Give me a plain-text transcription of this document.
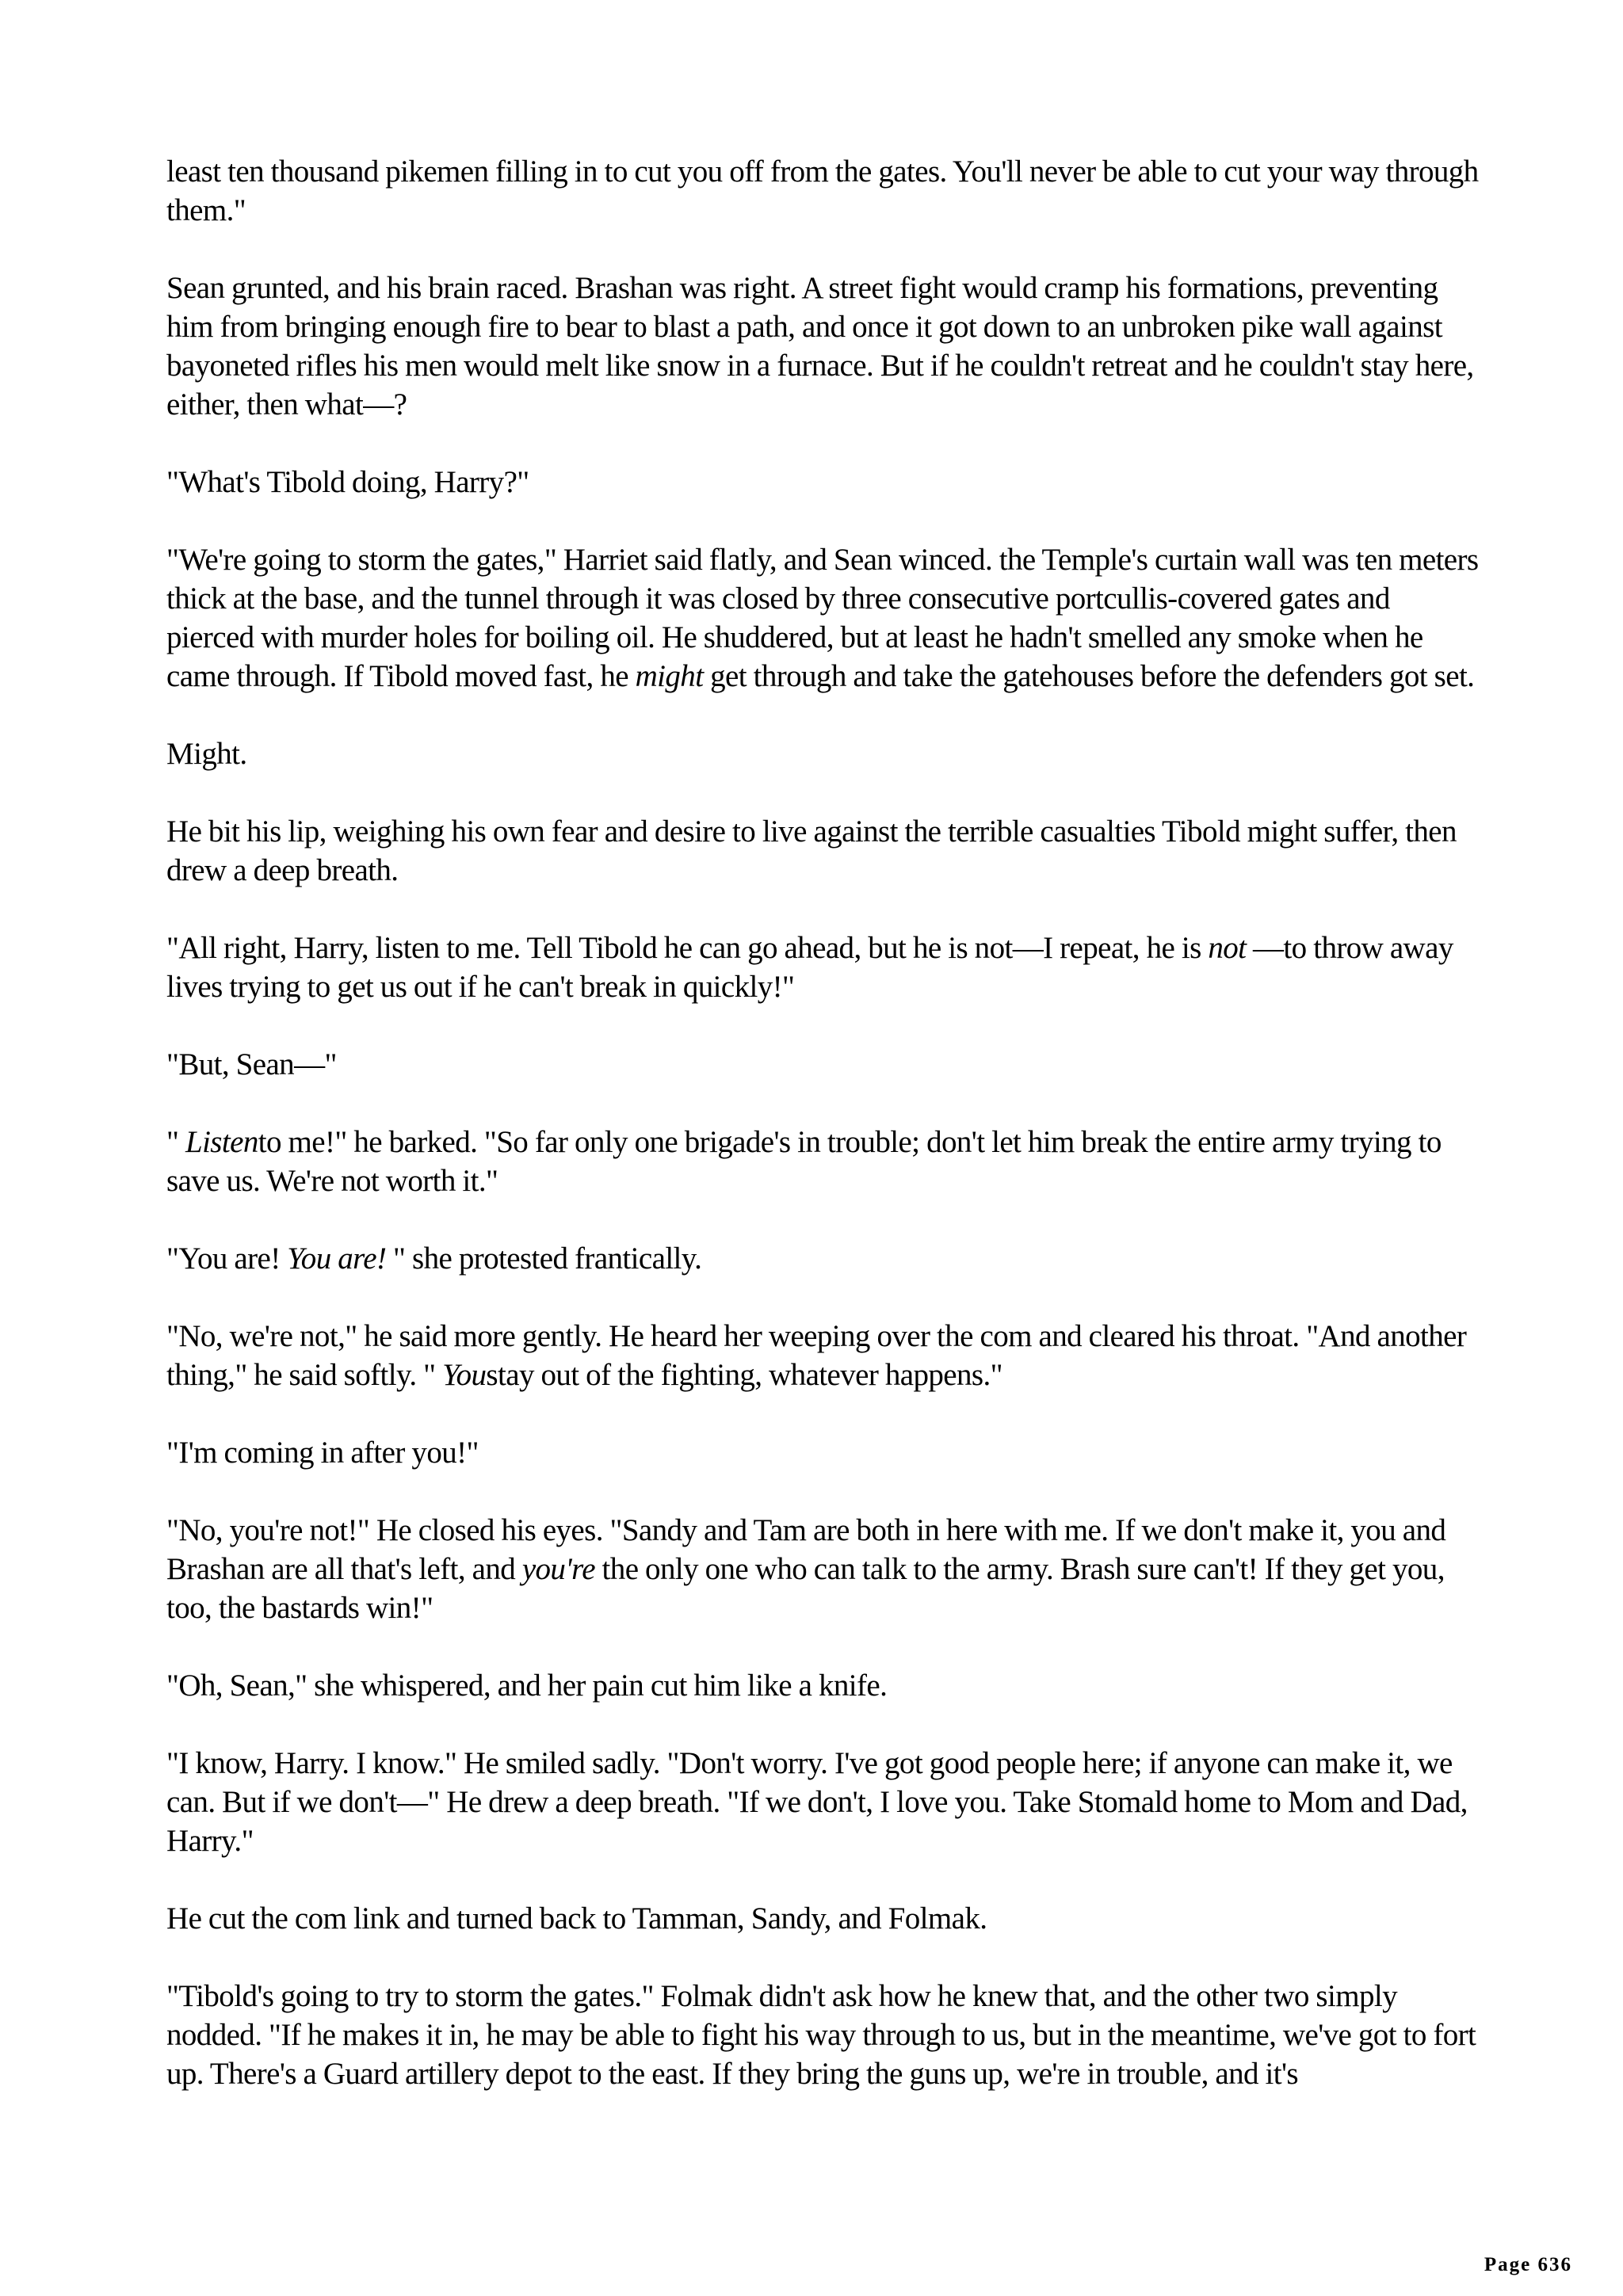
least ten thousand pikemen filling in to cut you off from the gates. You'll never be able to cut your way through them."

Sean grunted, and his brain raced. Brashan was right. A street fight would cramp his formations, preventing him from bringing enough fire to bear to blast a path, and once it got down to an unbroken pike wall against bayoneted rifles his men would melt like snow in a furnace. But if he couldn't retreat and he couldn't stay here, either, then what—?

"What's Tibold doing, Harry?"

"We're going to storm the gates," Harriet said flatly, and Sean winced. the Temple's curtain wall was ten meters thick at the base, and the tunnel through it was closed by three consecutive portcullis-covered gates and pierced with murder holes for boiling oil. He shuddered, but at least he hadn't smelled any smoke when he came through. If Tibold moved fast, he might get through and take the gatehouses before the defenders got set.

Might.

He bit his lip, weighing his own fear and desire to live against the terrible casualties Tibold might suffer, then drew a deep breath.

"All right, Harry, listen to me. Tell Tibold he can go ahead, but he is not—I repeat, he is not —to throw away lives trying to get us out if he can't break in quickly!"

"But, Sean—"

" Listento me!" he barked. "So far only one brigade's in trouble; don't let him break the entire army trying to save us. We're not worth it."

"You are! You are! " she protested frantically.

"No, we're not," he said more gently. He heard her weeping over the com and cleared his throat. "And another thing," he said softly. " Youstay out of the fighting, whatever happens."

"I'm coming in after you!"

"No, you're not!" He closed his eyes. "Sandy and Tam are both in here with me. If we don't make it, you and Brashan are all that's left, and you're the only one who can talk to the army. Brash sure can't! If they get you, too, the bastards win!"

"Oh, Sean," she whispered, and her pain cut him like a knife.

"I know, Harry. I know." He smiled sadly. "Don't worry. I've got good people here; if anyone can make it, we can. But if we don't—" He drew a deep breath. "If we don't, I love you. Take Stomald home to Mom and Dad, Harry."

He cut the com link and turned back to Tamman, Sandy, and Folmak.

"Tibold's going to try to storm the gates." Folmak didn't ask how he knew that, and the other two simply nodded. "If he makes it in, he may be able to fight his way through to us, but in the meantime, we've got to fort up. There's a Guard artillery depot to the east. If they bring the guns up, we're in trouble, and it's

Page 636
